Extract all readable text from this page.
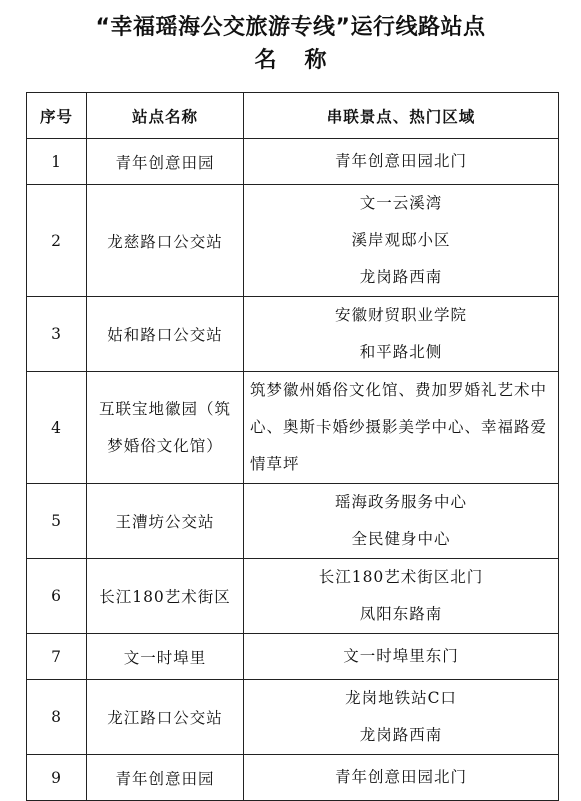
“幸福瑶海公交旅游专线”运行线路站点
名称
序号	站点名称	串联景点、热门区域
1	青年创意田园	青年创意田园北门

2	龙慈路口公交站	文一云溪湾
溪岸观邸小区
龙岗路西南

3	姑和路口公交站	安徽财贸职业学院
和平路北侧

4	互联宝地徽园（筑梦婚俗文化馆）	筑梦徽州婚俗文化馆、费加罗婚礼艺术中心、奥斯卡婚纱摄影美学中心、幸福路爱情草坪

5	王漕坊公交站	瑶海政务服务中心
全民健身中心

6	长江180艺术街区	长江180艺术街区北门
凤阳东路南

7	文一时埠里	文一时埠里东门

8	龙江路口公交站	龙岗地铁站C口
龙岗路西南

9	青年创意田园	青年创意田园北门
